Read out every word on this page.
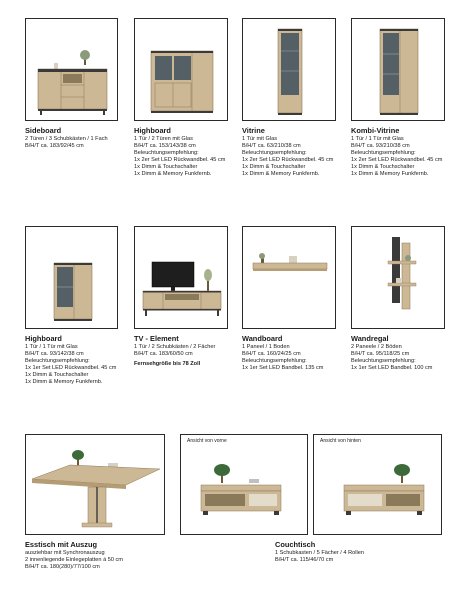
Sideboard
2 Türen / 3 Schubkästen / 1 Fach
B/H/T ca. 183/92/45 cm
Highboard
1 Tür / 2 Türen mit Glas
B/H/T ca. 153/143/38 cm
Beleuchtungsempfehlung:
1x 2er Set LED Rückwandbel. 45 cm
1x Dimm & Touchschalter
1x Dimm & Memory Funkfernb.
Vitrine
1 Tür mit Glas
B/H/T ca. 63/210/38 cm
Beleuchtungsempfehlung:
1x 2er Set LED Rückwandbel. 45 cm
1x Dimm & Touchschalter
1x Dimm & Memory Funkfernb.
Kombi-Vitrine
1 Tür / 1 Tür mit Glas
B/H/T ca. 93/210/38 cm
Beleuchtungsempfehlung:
1x 2er Set LED Rückwandbel. 45 cm
1x Dimm & Touchschalter
1x Dimm & Memory Funkfernb.
Highboard
1 Tür / 1 Tür mit Glas
B/H/T ca. 93/142/38 cm
Beleuchtungsempfehlung:
1x 1er Set LED Rückwandbel. 45 cm
1x Dimm & Touchschalter
1x Dimm & Memory Funkfernb.
TV - Element
1 Tür / 2 Schubkästen / 2 Fächer
B/H/T ca. 183/60/50 cm
Fernsehgröße bis 78 Zoll
Wandboard
1 Paneel / 1 Boden
B/H/T ca. 160/24/25 cm
Beleuchtungsempfehlung:
1x 1er Set LED Bandbel. 135 cm
Wandregal
2 Paneele / 2 Böden
B/H/T ca. 95/118/25 cm
Beleuchtungsempfehlung:
1x 1er Set LED Bandbel. 100 cm
Ansicht von vorne	Ansicht von hinten
Esstisch mit Auszug
ausziehbar mit Synchronauszug
2 innenliegende Einlegeplatten á 50 cm
B/H/T ca. 180(280)/77/100 cm
Couchtisch
1 Schubkasten / 5 Fächer / 4 Rollen
B/H/T ca. 115/46/70 cm
